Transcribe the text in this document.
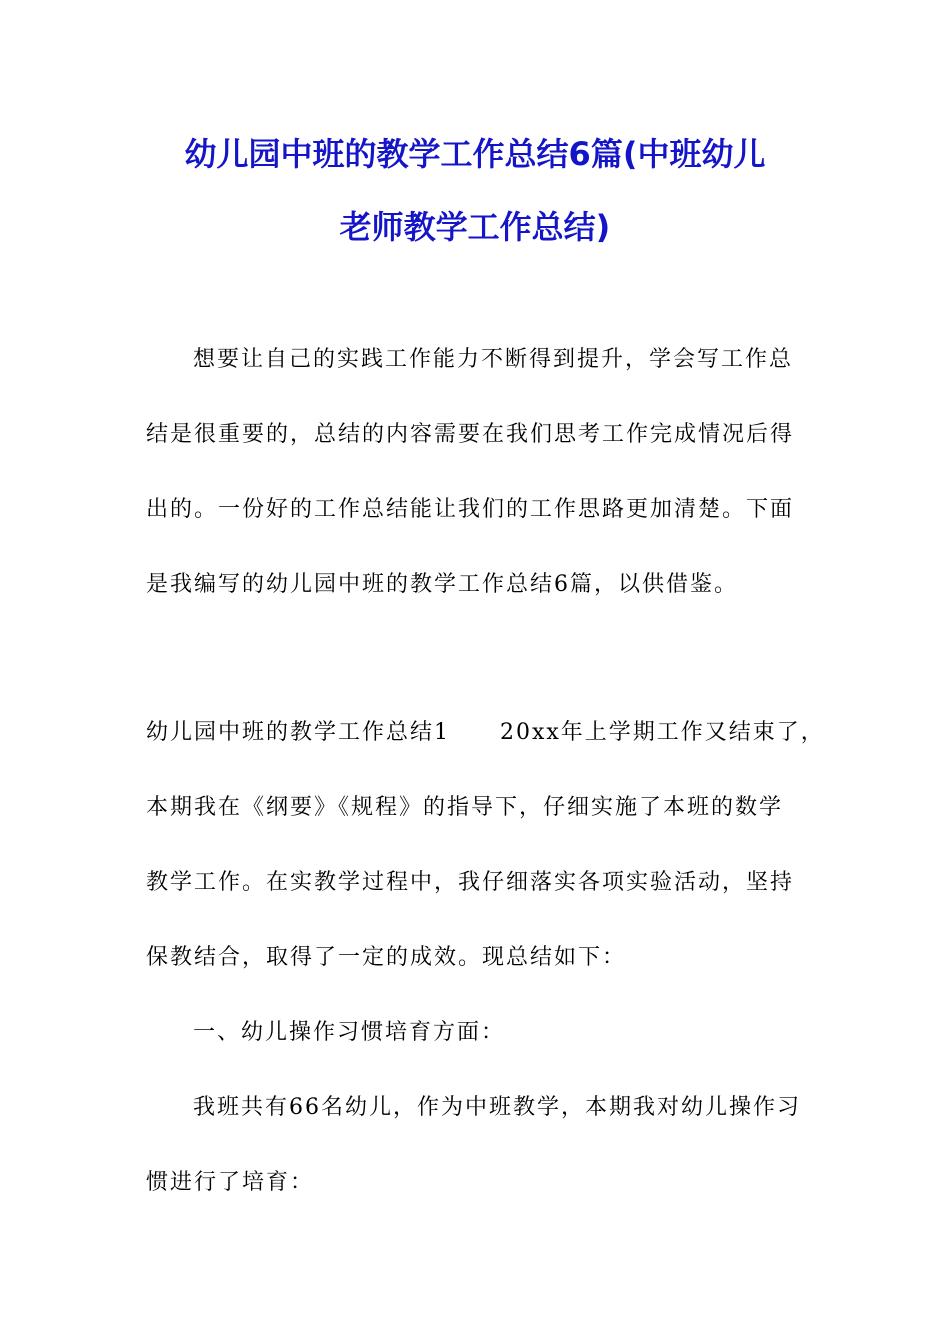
幼儿园中班的教学工作总结6篇(中班幼儿
老师教学工作总结)
想要让自己的实践工作能力不断得到提升，学会写工作总
结是很重要的，总结的内容需要在我们思考工作完成情况后得
出的。一份好的工作总结能让我们的工作思路更加清楚。下面
是我编写的幼儿园中班的教学工作总结6篇，以供借鉴。
幼儿园中班的教学工作总结1 20xx年上学期工作又结束了，
本期我在《纲要》《规程》的指导下，仔细实施了本班的数学
教学工作。在实教学过程中，我仔细落实各项实验活动，坚持
保教结合，取得了一定的成效。现总结如下：
一、幼儿操作习惯培育方面：
我班共有66名幼儿，作为中班教学，本期我对幼儿操作习
惯进行了培育：
